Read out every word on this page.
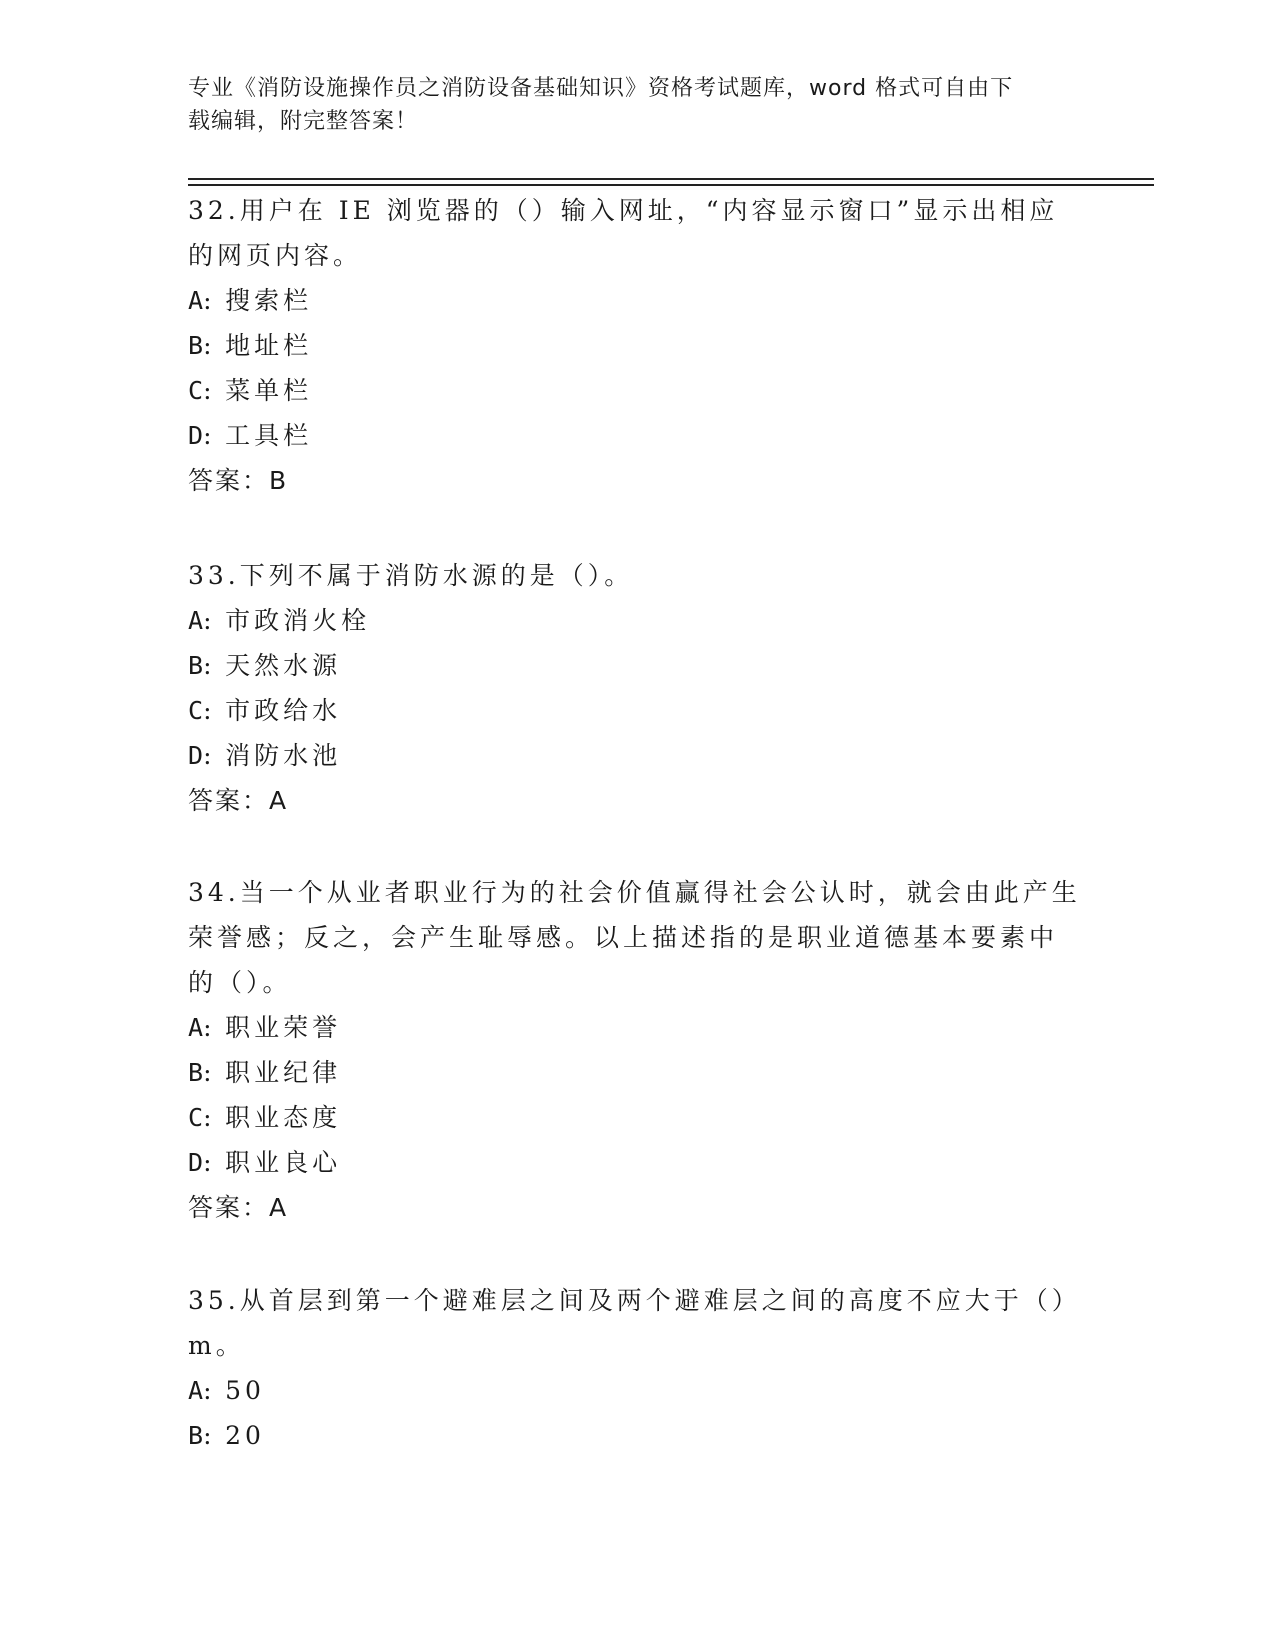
专业《消防设施操作员之消防设备基础知识》资格考试题库，word 格式可自由下
载编辑，附完整答案！

32.用户在 IE 浏览器的（）输入网址，“内容显示窗口”显示出相应

的网页内容。

A: 搜索栏

B: 地址栏

C: 菜单栏

D: 工具栏

答案：B

33.下列不属于消防水源的是（）。

A: 市政消火栓

B: 天然水源

C: 市政给水

D: 消防水池

答案：A

34.当一个从业者职业行为的社会价值赢得社会公认时，就会由此产生

荣誉感；反之，会产生耻辱感。以上描述指的是职业道德基本要素中

的（）。

A: 职业荣誉

B: 职业纪律

C: 职业态度

D: 职业良心

答案：A

35.从首层到第一个避难层之间及两个避难层之间的高度不应大于（）

m。

A: 50

B: 20
